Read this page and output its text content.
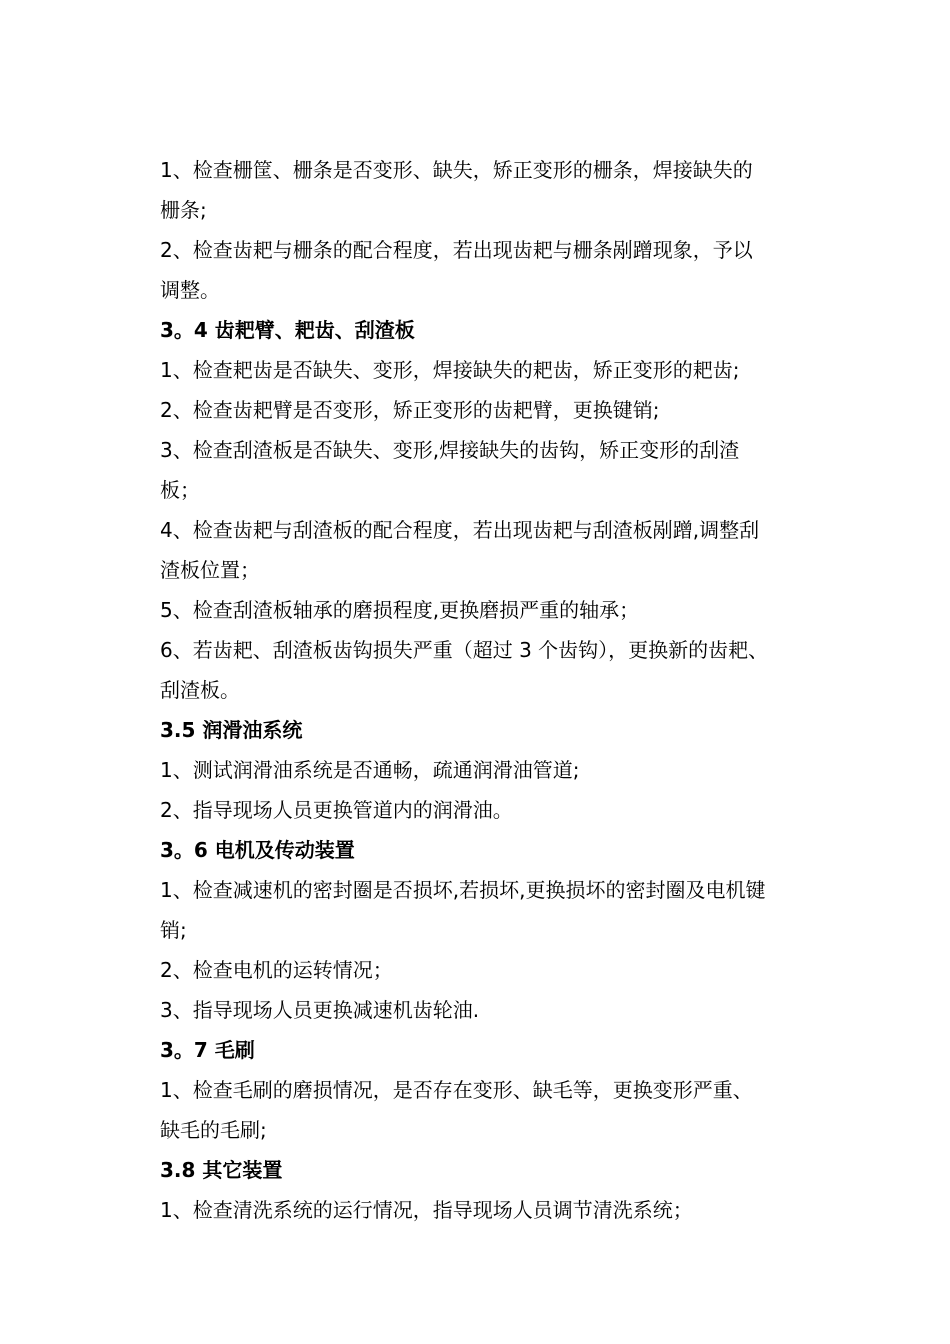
1、检查栅筐、栅条是否变形、缺失，矫正变形的栅条，焊接缺失的栅条;

2、检查齿耙与栅条的配合程度，若出现齿耙与栅条剐蹭现象，予以调整。

3。4 齿耙臂、耙齿、刮渣板

1、检查耙齿是否缺失、变形，焊接缺失的耙齿，矫正变形的耙齿;

2、检查齿耙臂是否变形，矫正变形的齿耙臂，更换键销;

3、检查刮渣板是否缺失、变形,焊接缺失的齿钩，矫正变形的刮渣板；

4、检查齿耙与刮渣板的配合程度，若出现齿耙与刮渣板剐蹭,调整刮渣板位置；

5、检查刮渣板轴承的磨损程度,更换磨损严重的轴承；

6、若齿耙、刮渣板齿钩损失严重（超过 3 个齿钩），更换新的齿耙、刮渣板。

3.5 润滑油系统

1、测试润滑油系统是否通畅，疏通润滑油管道;

2、指导现场人员更换管道内的润滑油。

3。6 电机及传动装置

1、检查减速机的密封圈是否损坏,若损坏,更换损坏的密封圈及电机键销;

2、检查电机的运转情况；

3、指导现场人员更换减速机齿轮油.

3。7 毛刷

1、检查毛刷的磨损情况，是否存在变形、缺毛等，更换变形严重、缺毛的毛刷;

3.8 其它装置

1、检查清洗系统的运行情况，指导现场人员调节清洗系统；
